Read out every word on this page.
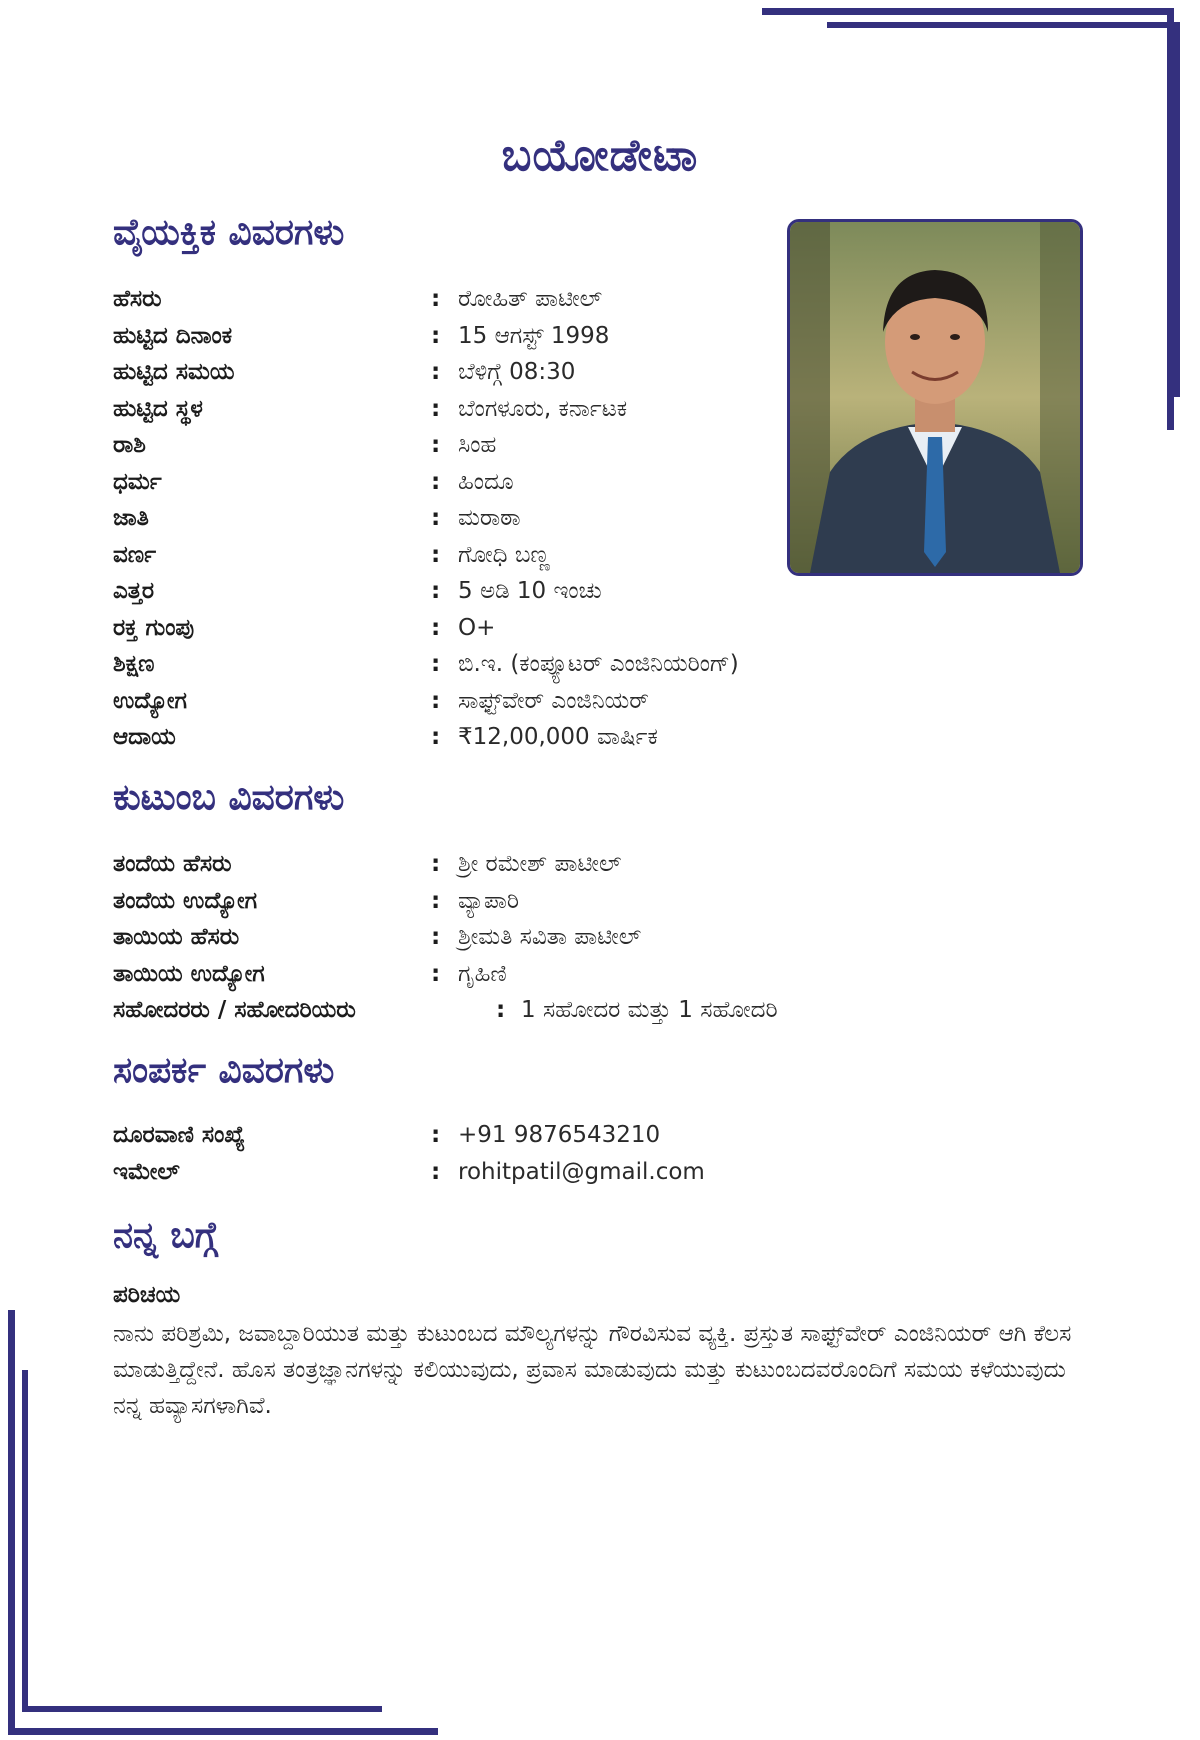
ಬಯೋಡೇಟಾ
ವೈಯಕ್ತಿಕ ವಿವರಗಳು
ಹೆಸರು	: ರೋಹಿತ್ ಪಾಟೀಲ್
ಹುಟ್ಟಿದ ದಿನಾಂಕ	: 15 ಆಗಸ್ಟ್ 1998
ಹುಟ್ಟಿದ ಸಮಯ	: ಬೆಳಿಗ್ಗೆ 08:30
ಹುಟ್ಟಿದ ಸ್ಥಳ	: ಬೆಂಗಳೂರು, ಕರ್ನಾಟಕ
ರಾಶಿ	: ಸಿಂಹ
ಧರ್ಮ	: ಹಿಂದೂ
ಜಾತಿ	: ಮರಾಠಾ
ವರ್ಣ	: ಗೋಧಿ ಬಣ್ಣ
ಎತ್ತರ	: 5 ಅಡಿ 10 ಇಂಚು
ರಕ್ತ ಗುಂಪು	: O+
ಶಿಕ್ಷಣ	: ಬಿ.ಇ. (ಕಂಪ್ಯೂಟರ್ ಎಂಜಿನಿಯರಿಂಗ್)
ಉದ್ಯೋಗ	: ಸಾಫ್ಟ್‌ವೇರ್ ಎಂಜಿನಿಯರ್
ಆದಾಯ	: ₹12,00,000 ವಾರ್ಷಿಕ
ಕುಟುಂಬ ವಿವರಗಳು
ತಂದೆಯ ಹೆಸರು	: ಶ್ರೀ ರಮೇಶ್ ಪಾಟೀಲ್
ತಂದೆಯ ಉದ್ಯೋಗ	: ವ್ಯಾಪಾರಿ
ತಾಯಿಯ ಹೆಸರು	: ಶ್ರೀಮತಿ ಸವಿತಾ ಪಾಟೀಲ್
ತಾಯಿಯ ಉದ್ಯೋಗ	: ಗೃಹಿಣಿ
ಸಹೋದರರು / ಸಹೋದರಿಯರು	: 1 ಸಹೋದರ ಮತ್ತು 1 ಸಹೋದರಿ
ಸಂಪರ್ಕ ವಿವರಗಳು
ದೂರವಾಣಿ ಸಂಖ್ಯೆ	: +91 9876543210
ಇಮೇಲ್	: rohitpatil@gmail.com
ನನ್ನ ಬಗ್ಗೆ
ಪರಿಚಯ
ನಾನು ಪರಿಶ್ರಮಿ, ಜವಾಬ್ದಾರಿಯುತ ಮತ್ತು ಕುಟುಂಬದ ಮೌಲ್ಯಗಳನ್ನು ಗೌರವಿಸುವ ವ್ಯಕ್ತಿ. ಪ್ರಸ್ತುತ ಸಾಫ್ಟ್‌ವೇರ್ ಎಂಜಿನಿಯರ್ ಆಗಿ ಕೆಲಸ ಮಾಡುತ್ತಿದ್ದೇನೆ. ಹೊಸ ತಂತ್ರಜ್ಞಾನಗಳನ್ನು ಕಲಿಯುವುದು, ಪ್ರವಾಸ ಮಾಡುವುದು ಮತ್ತು ಕುಟುಂಬದವರೊಂದಿಗೆ ಸಮಯ ಕಳೆಯುವುದು ನನ್ನ ಹವ್ಯಾಸಗಳಾಗಿವೆ.
